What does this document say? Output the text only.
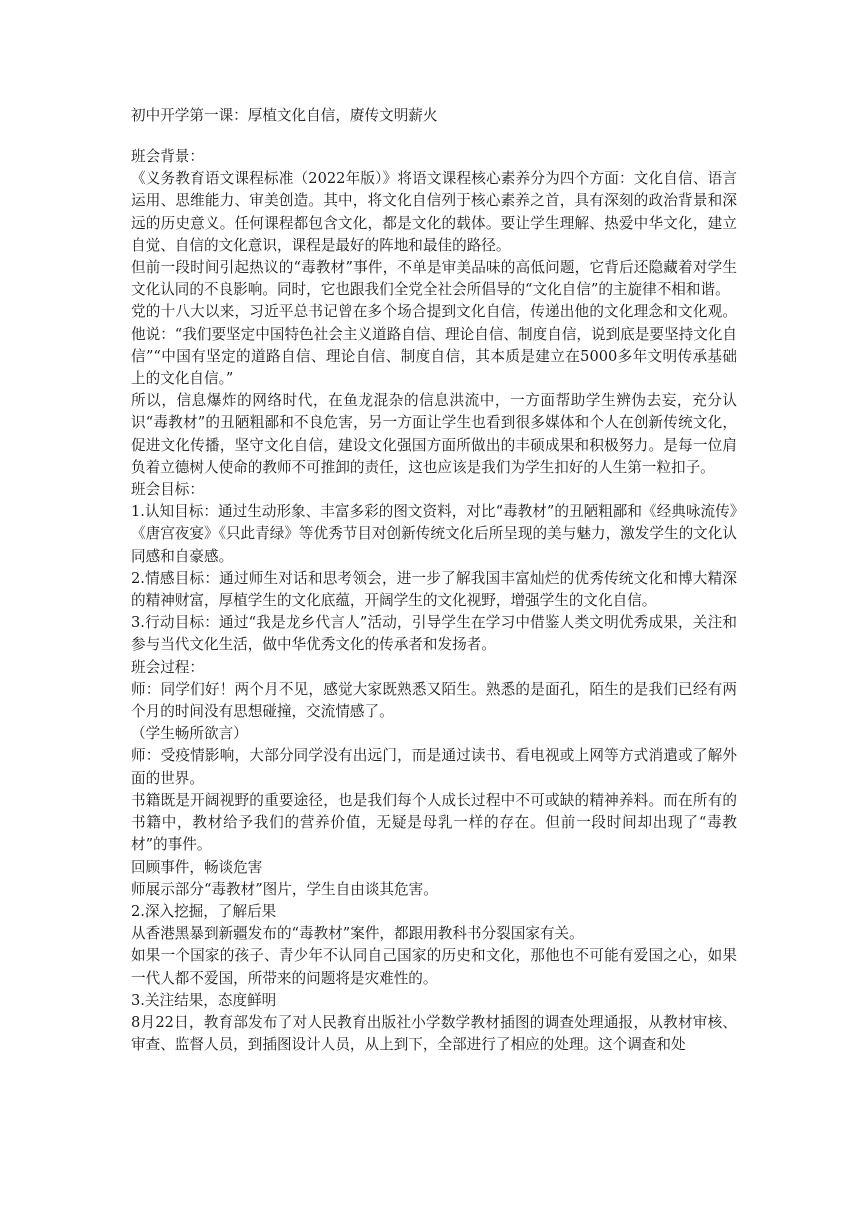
初中开学第一课：厚植文化自信，赓传文明薪火

班会背景：

《义务教育语文课程标准（2022年版）》将语文课程核心素养分为四个方面：文化自信、语言运用、思维能力、审美创造。其中，将文化自信列于核心素养之首，具有深刻的政治背景和深远的历史意义。任何课程都包含文化，都是文化的载体。要让学生理解、热爱中华文化，建立自觉、自信的文化意识，课程是最好的阵地和最佳的路径。

但前一段时间引起热议的“毒教材”事件，不单是审美品味的高低问题，它背后还隐藏着对学生文化认同的不良影响。同时，它也跟我们全党全社会所倡导的“文化自信”的主旋律不相和谐。

党的十八大以来，习近平总书记曾在多个场合提到文化自信，传递出他的文化理念和文化观。他说：“我们要坚定中国特色社会主义道路自信、理论自信、制度自信，说到底是要坚持文化自信”“中国有坚定的道路自信、理论自信、制度自信，其本质是建立在5000多年文明传承基础上的文化自信。”

所以，信息爆炸的网络时代，在鱼龙混杂的信息洪流中，一方面帮助学生辨伪去妄，充分认识“毒教材”的丑陋粗鄙和不良危害，另一方面让学生也看到很多媒体和个人在创新传统文化，促进文化传播，坚守文化自信，建设文化强国方面所做出的丰硕成果和积极努力。是每一位肩负着立德树人使命的教师不可推卸的责任，这也应该是我们为学生扣好的人生第一粒扣子。

班会目标：

1.认知目标：通过生动形象、丰富多彩的图文资料，对比“毒教材”的丑陋粗鄙和《经典咏流传》《唐宫夜宴》《只此青绿》等优秀节目对创新传统文化后所呈现的美与魅力，激发学生的文化认同感和自豪感。

2.情感目标：通过师生对话和思考领会，进一步了解我国丰富灿烂的优秀传统文化和博大精深的精神财富，厚植学生的文化底蕴，开阔学生的文化视野，增强学生的文化自信。

3.行动目标：通过“我是龙乡代言人”活动，引导学生在学习中借鉴人类文明优秀成果，关注和参与当代文化生活，做中华优秀文化的传承者和发扬者。

班会过程：

师：同学们好！两个月不见，感觉大家既熟悉又陌生。熟悉的是面孔，陌生的是我们已经有两个月的时间没有思想碰撞，交流情感了。

（学生畅所欲言）

师：受疫情影响，大部分同学没有出远门，而是通过读书、看电视或上网等方式消遣或了解外面的世界。

书籍既是开阔视野的重要途径，也是我们每个人成长过程中不可或缺的精神养料。而在所有的书籍中，教材给予我们的营养价值，无疑是母乳一样的存在。但前一段时间却出现了“毒教材”的事件。

回顾事件，畅谈危害

师展示部分“毒教材”图片，学生自由谈其危害。

2.深入挖掘，了解后果

从香港黑暴到新疆发布的“毒教材”案件，都跟用教科书分裂国家有关。

如果一个国家的孩子、青少年不认同自己国家的历史和文化，那他也不可能有爱国之心，如果一代人都不爱国，所带来的问题将是灾难性的。

3.关注结果，态度鲜明

8月22日，教育部发布了对人民教育出版社小学数学教材插图的调查处理通报，从教材审核、审查、监督人员，到插图设计人员，从上到下，全部进行了相应的处理。这个调查和处
